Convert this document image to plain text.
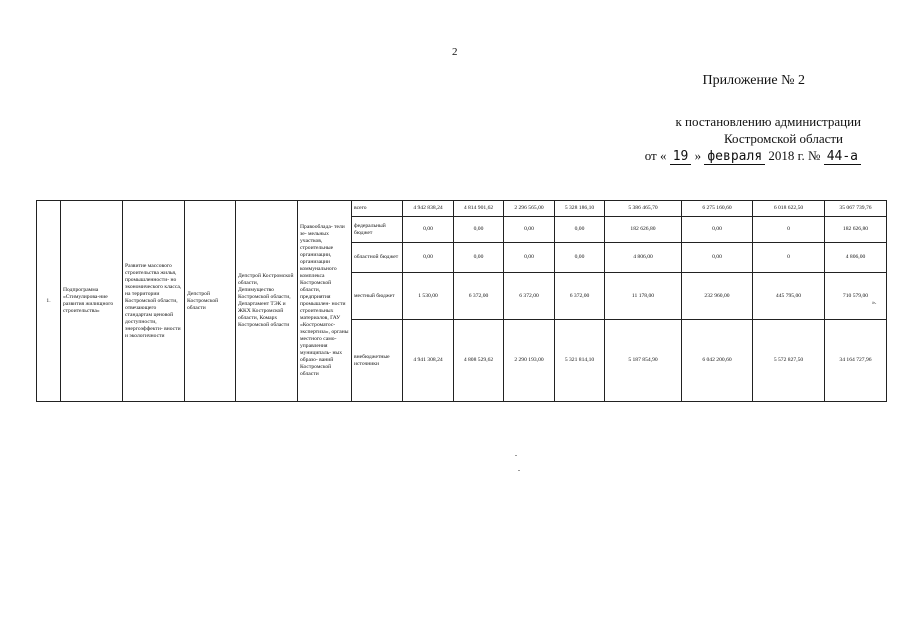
2
Приложение № 2
к постановлению администрации
Костромской области
от « 19 » февраля 2018 г. № 44-а
1.	Подпрограмма «Стимулирова-ние развития жилищного строительства»	Развитие массового строительства жилья, промышленности- но экономического класса, на территории Костромской области, отвечающего стандартам ценовой доступности, энергоэффекти- вности и экологичности	Депстрой Костромской области	Депстрой Костромской области, Депимущество Костромской области, Департамент ТЭК и ЖКХ Костромской области, Комарх Костромской области	Правооблада- тели зе- мельных участков, строительные организации, организации коммунального комплекса Костромской области, предприятия промышлен- ности строительных материалов, ГАУ «Костроматос- экспертиза», органы местного само- управления муниципаль- ных образо- ваний Костромской области	всего	4 942 838,24	4 814 901,62	2 296 565,00	5 328 186,10	5 386 465,70	6 275 160,60	6 018 622,50	35 067 739,76
						федеральный бюджет	0,00	0,00	0,00	0,00	182 626,80	0,00	0	182 626,80
						областной бюджет	0,00	0,00	0,00	0,00	4 806,00	0,00	0	4 806,00
						местный бюджет	1 530,00	6 372,00	6 372,00	6 372,00	11 178,00	232 960,00	445 795,00	710 579,00
						внебюджетные источники	4 941 308,24	4 808 529,62	2 290 193,00	5 321 814,10	5 187 854,90	6 042 200,60	5 572 827,50	34 164 727,96
».
